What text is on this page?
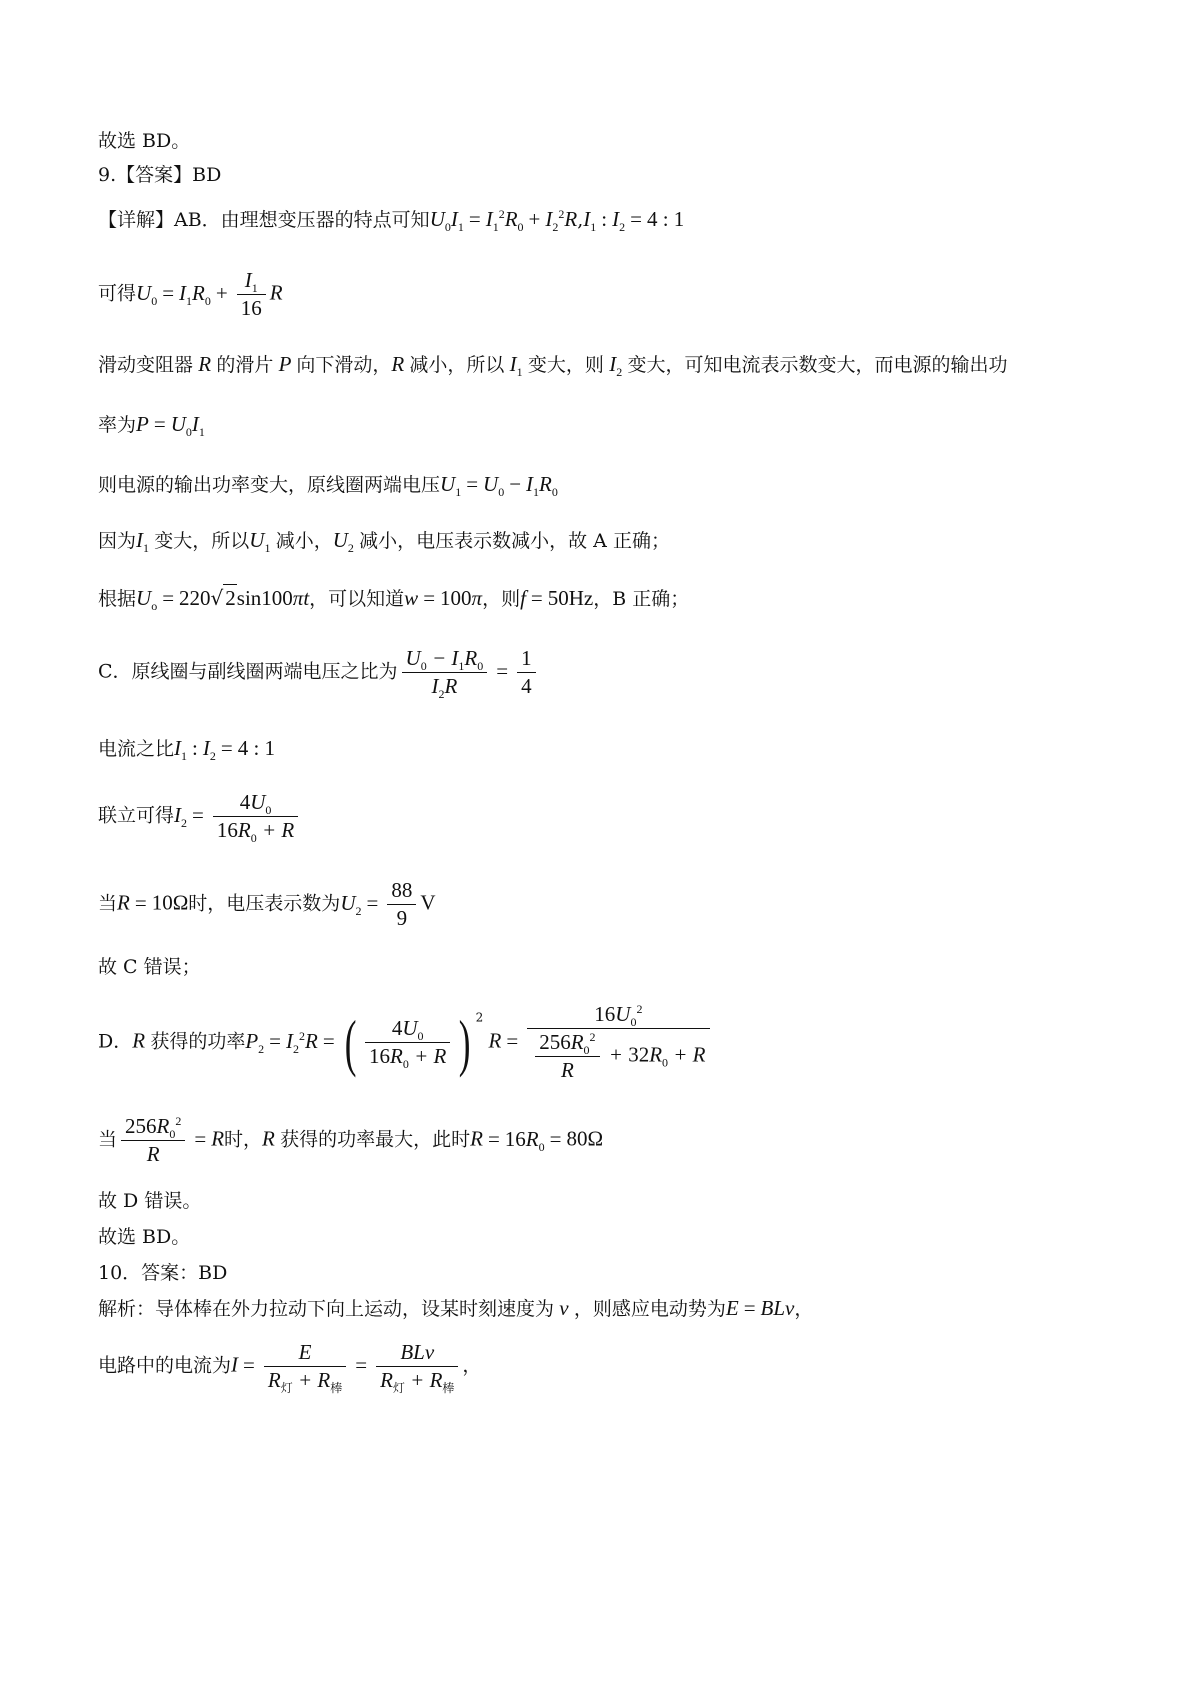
故选 BD。
9.【答案】BD
【详解】AB．由理想变压器的特点可知$U_0I_1 = I_1^2R_0 + I_2^2R,I_1$ : $I_2 = 4$ : 1
可得$U_0 = I_1R_0 + \frac{I_1}{16}$ R
滑动变阻器 R 的滑片 P 向下滑动，R 减小，所以 $I_1$ 变大，则 $I_2$ 变大，可知电流表示数变大，而电源的输出功
率为$P = U_0I_1$
则电源的输出功率变大，原线圈两端电压$U_1 = U_0 - I_1R_0$
因为$I_1$ 变大，所以$U_1$ 减小，$U_2$ 减小，电压表示数减小，故 A 正确；
根据$U_o = 220√2\sin 100\pi t$，可以知道w = 100π，则f = 50Hz，B 正确；
C．原线圈与副线圈两端电压之比为 $\frac{U_0 - I_1R_0}{I_2R} = \frac{1}{4}$
电流之比$I_1$ : $I_2 = 4$ : 1
联立可得$I_2 = \frac{4U_0}{16R_0 + R}$
当R = 10Ω时，电压表示数为$U_2 = \frac{88}{9}$ V
故 C 错误；
D．R 获得的功率$P_2 = I_2^2R$ = ( $\frac{4U_0}{16R_0 + R}$ ) $^2$ $R = \frac{16U_0^2}{\frac{256R_0^2}{R} + 32R_0 + R}$
当 $\frac{256R_0^2}{R} = R$时，R 获得的功率最大，此时$R = 16R_0 = 80\Omega$
故 D 错误。
故选 BD。
10．答案：BD
解析：导体棒在外力拉动下向上运动，设某时刻速度为 v ，则感应电动势为E = BLv，
电路中的电流为$I = \frac{E}{R_灯 + R_棒} = \frac{\text{BLv}}{R_灯 + R_棒}$ ，
